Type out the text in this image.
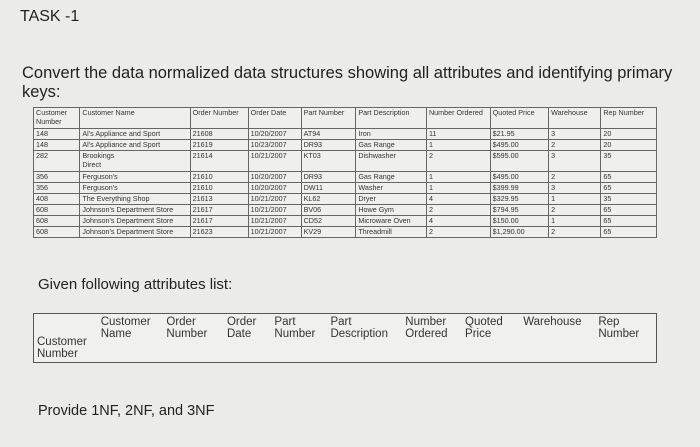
TASK -1
Convert the data normalized data structures showing all attributes and identifying primary keys:
Customer Number	Customer Name	Order Number	Order Date	Part Number	Part Description	Number Ordered	Quoted Price	Warehouse	Rep Number
148	Al's Appliance and Sport	21608	10/20/2007	AT94	Iron	11	$21.95	3	20
148	Al's Appliance and Sport	21619	10/23/2007	DR93	Gas Range	1	$495.00	2	20
282	Brookings Direct	21614	10/21/2007	KT03	Dishwasher	2	$595.00	3	35
356	Ferguson's	21610	10/20/2007	DR93	Gas Range	1	$495.00	2	65
356	Ferguson's	21610	10/20/2007	DW11	Washer	1	$399.99	3	65
408	The Everything Shop	21613	10/21/2007	KL62	Dryer	4	$329.95	1	35
608	Johnson's Department Store	21617	10/21/2007	BV06	Howe Gym	2	$794.95	2	65
608	Johnson's Department Store	21617	10/21/2007	CD52	Microware Oven	4	$150.00	1	65
608	Johnson's Department Store	21623	10/21/2007	KV29	Threadmill	2	$1,290.00	2	65
Given following attributes list:
Customer Number	Customer Name	Order Number	Order Date	Part Number	Part Description	Number Ordered	Quoted Price	Warehouse	Rep Number
Provide 1NF, 2NF, and 3NF
